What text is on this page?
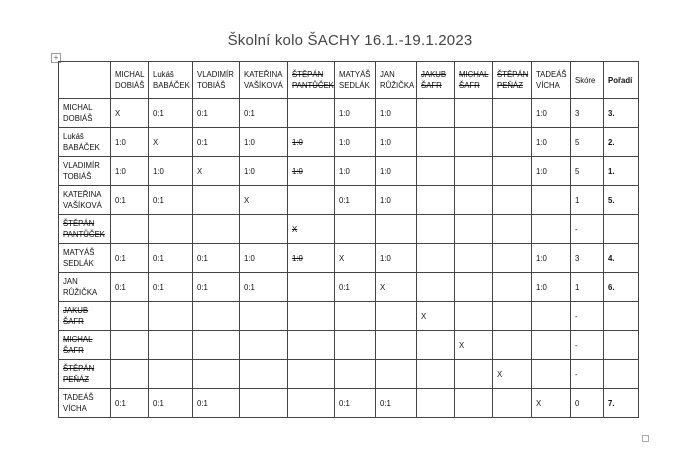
Školní kolo ŠACHY 16.1.-19.1.2023
+

	MICHAL
DOBIÁŠ	Lukáš
BABÁČEK	VLADIMÍR
TOBIÁŠ	KATEŘINA
VAŠÍKOVÁ	ŠTĚPÁN
PANTŮČEK	MATYÁŠ
SEDLÁK	JAN
RŮŽIČKA	JAKUB
ŠAFR	MICHAL
ŠAFR	ŠTĚPÁN
PEŇÁZ	TADEÁŠ
VÍCHA	Skóre	Pořadí

MICHAL
DOBIÁŠ	X	0:1	0:1	0:1		1:0	1:0				1:0	3	3.

Lukáš
BABÁČEK	1:0	X	0:1	1:0	1:0	1:0	1:0				1:0	5	2.

VLADIMÍR
TOBIÁŠ	1:0	1:0	X	1:0	1:0	1:0	1:0				1:0	5	1.

KATEŘINA
VAŠÍKOVÁ	0:1	0:1		X		0:1	1:0					1	5.

ŠTĚPÁN
PANTŮČEK					X							-	

MATYÁŠ
SEDLÁK	0:1	0:1	0:1	1:0	1:0	X	1:0				1:0	3	4.

JAN
RŮŽIČKA	0:1	0:1	0:1	0:1		0:1	X				1:0	1	6.

JAKUB
ŠAFR								X				-	

MICHAL
ŠAFR									X			-	

ŠTĚPÁN
PEŇÁZ										X		-	

TADEÁŠ
VÍCHA	0:1	0:1	0:1			0:1	0:1				X	0	7.
